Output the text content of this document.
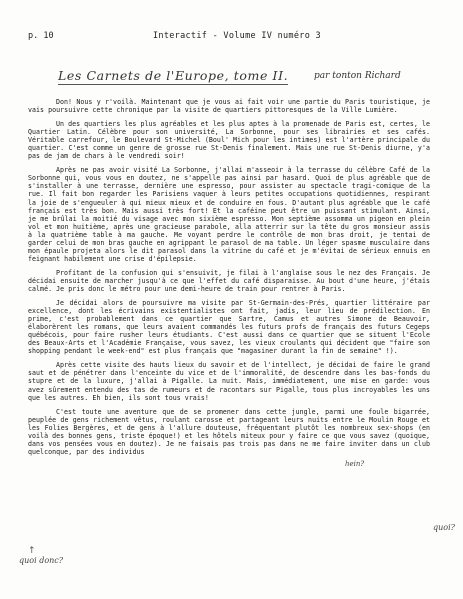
p. 10	Interactif - Volume IV numéro 3
Les Carnets de l'Europe, tome II.	par tonton Richard

Don! Nous y r'voilà. Maintenant que je vous ai fait voir une partie du Paris touristique, je vais poursuivre cette chronique par la visite de quartiers pittoresques de la Ville Lumière.

Un des quartiers les plus agréables et les plus aptes à la promenade de Paris est, certes, le Quartier Latin. Célèbre pour son université, La Sorbonne, pour ses librairies et ses cafés. Véritable carrefour, le Boulevard St-Michel (Boul' Mich pour les intimes) est l'artère principale du quartier. C'est comme un genre de grosse rue St-Denis finalement. Mais une rue St-Denis diurne, y'a pas de jam de chars à le vendredi soir!

Après ne pas avoir visité La Sorbonne, j'allai m'asseoir à la terrasse du célèbre Café de la Sorbonne qui, vous vous en doutez, ne s'appelle pas ainsi par hasard. Quoi de plus agréable que de s'installer à une terrasse, dernière une espresso, pour assister au spectacle tragi-comique de la rue. Il fait bon regarder les Parisiens vaquer à leurs petites occupations quotidiennes, respirant la joie de s'engueuler à qui mieux mieux et de conduire en fous. D'autant plus agréable que le café français est très bon. Mais aussi très fort! Et la caféine peut être un puissant stimulant. Ainsi, je me brûlai la moitié du visage avec mon sixième espresso. Mon septième assomma un pigeon en plein vol et mon huitième, après une gracieuse parabole, alla atterrir sur la tête du gros monsieur assis à la quatrième table à ma gauche. Me voyant perdre le contrôle de mon bras droit, je tentai de garder celui de mon bras gauche en agrippant le parasol de ma table. Un léger spasme musculaire dans mon épaule projeta alors le dit parasol dans la vitrine du café et je m'évitai de sérieux ennuis en feignant habilement une crise d'épilepsie.

Profitant de la confusion qui s'ensuivit, je filai à l'anglaise sous le nez des Français. Je décidai ensuite de marcher jusqu'à ce que l'effet du café disparaisse. Au bout d'une heure, j'étais calmé. Je pris donc le métro pour une demi-heure de train pour rentrer à Paris.

Je décidai alors de poursuivre ma visite par St-Germain-des-Prés, quartier littéraire par excellence, dont les écrivains existentialistes ont fait, jadis, leur lieu de prédilection. En prime, c'est probablement dans ce quartier que Sartre, Camus et autres Simone de Beauvoir, élaborèrent les romans, que leurs avaient commandés les futurs profs de français des futurs Cegeps québécois, pour faire rusher leurs étudiants. C'est aussi dans ce quartier que se situent l'Ecole des Beaux-Arts et l'Académie Française, vous savez, les vieux croulants qui décident que "faire son shopping pendant le week-end" est plus français que "magasiner durant la fin de semaine" !).

Après cette visite des hauts lieux du savoir et de l'intellect, je décidai de faire le grand saut et de pénétrer dans l'enceinte du vice et de l'immoralité, de descendre dans les bas-fonds du stupre et de la luxure, j'allai à Pigalle. La nuit. Mais, immédiatement, une mise en garde: vous avez sûrement entendu des tas de rumeurs et de racontars sur Pigalle, tous plus incroyables les uns que les autres. Eh bien, ils sont tous vrais!

C'est toute une aventure que de se promener dans cette jungle, parmi une foule bigarrée, peuplée de gens richement vêtus, roulant carosse et partageant leurs nuits entre le Moulin Rouge et les Folies Bergères, et de gens à l'allure douteuse, fréquentant plutôt les nombreux sex-shops (en voilà des bonnes gens, triste époque!) et les hôtels miteux pour y faire ce que vous savez (quoique, dans vos pensées vous en doutez). Je ne faisais pas trois pas dans ne me faire inviter dans un club quelconque, par des individus

hein?
quoi?
quoi donc?
↑
